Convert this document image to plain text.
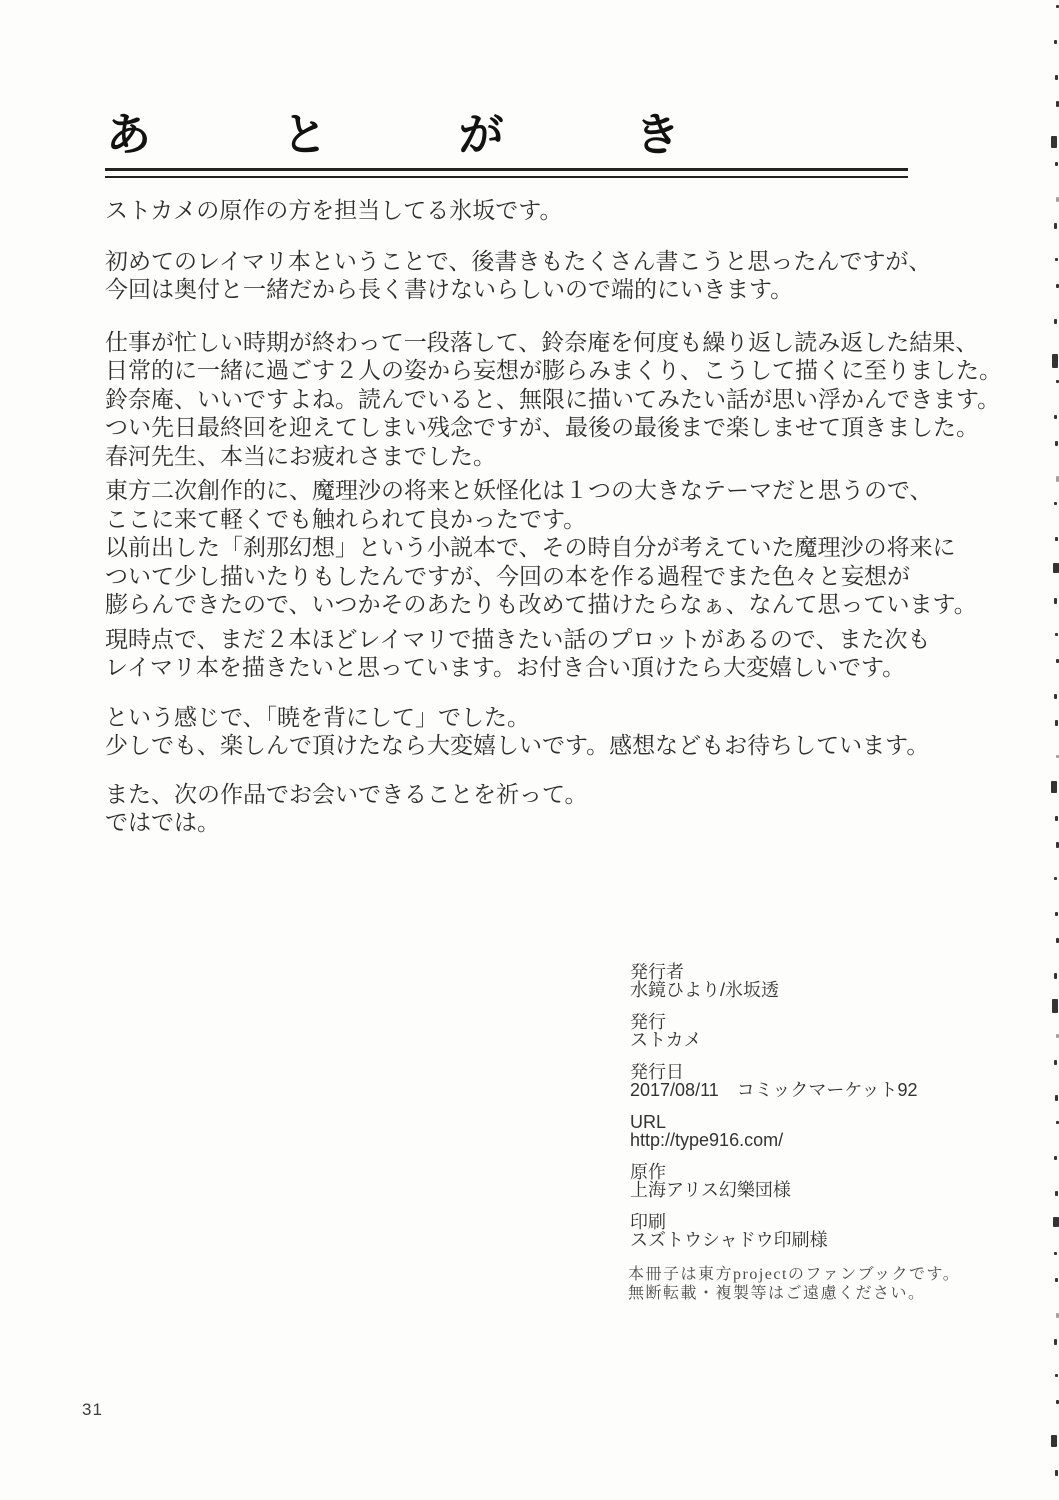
あ	と	が	き
ストカメの原作の方を担当してる氷坂です。
初めてのレイマリ本ということで、後書きもたくさん書こうと思ったんですが、
今回は奥付と一緒だから長く書けないらしいので端的にいきます。
仕事が忙しい時期が終わって一段落して、鈴奈庵を何度も繰り返し読み返した結果、
日常的に一緒に過ごす２人の姿から妄想が膨らみまくり、こうして描くに至りました。
鈴奈庵、いいですよね。読んでいると、無限に描いてみたい話が思い浮かんできます。
つい先日最終回を迎えてしまい残念ですが、最後の最後まで楽しませて頂きました。
春河先生、本当にお疲れさまでした。
東方二次創作的に、魔理沙の将来と妖怪化は１つの大きなテーマだと思うので、
ここに来て軽くでも触れられて良かったです。
以前出した「刹那幻想」という小説本で、その時自分が考えていた魔理沙の将来に
ついて少し描いたりもしたんですが、今回の本を作る過程でまた色々と妄想が
膨らんできたので、いつかそのあたりも改めて描けたらなぁ、なんて思っています。
現時点で、まだ２本ほどレイマリで描きたい話のプロットがあるので、また次も
レイマリ本を描きたいと思っています。お付き合い頂けたら大変嬉しいです。
という感じで、「暁を背にして」でした。
少しでも、楽しんで頂けたなら大変嬉しいです。感想などもお待ちしています。
また、次の作品でお会いできることを祈って。
ではでは。
発行者
水鏡ひより/氷坂透
発行
ストカメ
発行日
2017/08/11　コミックマーケット92
URL
http://type916.com/
原作
上海アリス幻樂団様
印刷
スズトウシャドウ印刷様
本冊子は東方projectのファンブックです。
無断転載・複製等はご遠慮ください。
31
